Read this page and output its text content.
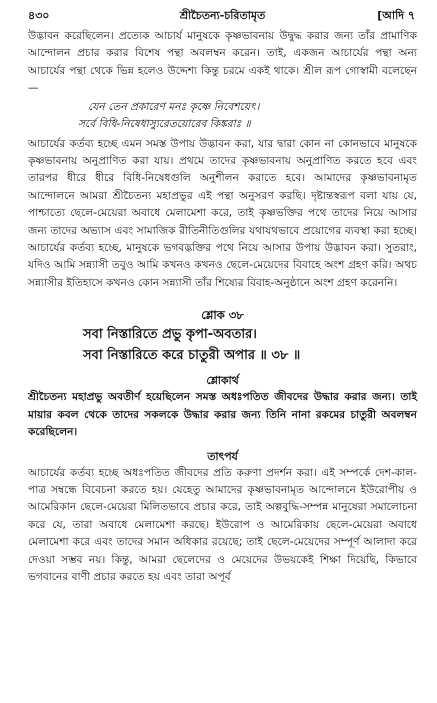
৪৩০	শ্রীচৈতন্য-চরিতামৃত	[আদি ৭

উদ্ভাবন করেছিলেন। প্রত্যেক আচার্য মানুষকে কৃষ্ণভাবনায় উদ্বুদ্ধ করার জন্য তাঁর প্রামাণিক আন্দোলন প্রচার করার বিশেষ পন্থা অবলম্বন করেন। তাই, একজন আচার্যের পন্থা অন্য আচার্যের পন্থা থেকে ভিন্ন হলেও উদ্দেশ্য কিন্তু চরমে একই থাকে। শ্রীল রূপ গোস্বামী বলেছেন—

যেন তেন প্রকারেণ মনঃ কৃষ্ণে নিবেশয়েৎ।
সর্বে বিধি-নিষেধাস্যুরেতয়োরেব কিঙ্করাঃ ॥

আচার্যের কর্তব্য হচ্ছে এমন সমস্ত উপায় উদ্ভাবন করা, যার দ্বারা কোন না কোনভাবে মানুষকে কৃষ্ণভাবনায় অনুপ্রাণিত করা যায়। প্রথমে তাদের কৃষ্ণভাবনায় অনুপ্রাণিত করতে হবে এবং তারপর ধীরে ধীরে বিধি-নিষেধগুলি অনুশীলন করাতে হবে। আমাদের কৃষ্ণভাবনামৃত আন্দোলনে আমরা শ্রীচৈতন্য মহাপ্রভুর এই পন্থা অনুসরণ করছি। দৃষ্টান্তস্বরূপ বলা যায় যে, পাশ্চাত্যে ছেলে-মেয়েরা অবাধে মেলামেশা করে, তাই কৃষ্ণভক্তির পথে তাদের নিয়ে আসার জন্য তাদের অভ্যাস এবং সামাজিক রীতিনীতিগুলির যথাযথভাবে প্রয়োগের ব্যবস্থা করা হচ্ছে। আচার্যের কর্তব্য হচ্ছে, মানুষকে ভগবদ্ভক্তির পথে নিয়ে আসার উপায় উদ্ভাবন করা। সুতরাং, যদিও আমি সন্ন্যাসী তবুও আমি কখনও কখনও ছেলে-মেয়েদের বিবাহে অংশ গ্রহণ করি। অথচ সন্ন্যাসীর ইতিহাসে কখনও কোন সন্ন্যাসী তাঁর শিষ্যের বিবাহ-অনুষ্ঠানে অংশ গ্রহণ করেননি।

শ্লোক ৩৮
সবা নিস্তারিতে প্রভু কৃপা-অবতার।
সবা নিস্তারিতে করে চাতুরী অপার ॥ ৩৮ ॥
শ্লোকার্থ
শ্রীচৈতন্য মহাপ্রভু অবতীর্ণ হয়েছিলেন সমস্ত অধঃপতিত জীবদের উদ্ধার করার জন্য। তাই মায়ার কবল থেকে তাদের সকলকে উদ্ধার করার জন্য তিনি নানা রকমের চাতুরী অবলম্বন করেছিলেন।
তাৎপর্য

আচার্যের কর্তব্য হচ্ছে অধঃপতিত জীবদের প্রতি করুণা প্রদর্শন করা। এই সম্পর্কে দেশ-কাল-পাত্র সম্বন্ধে বিবেচনা করতে হয়। যেহেতু আমাদের কৃষ্ণভাবনামৃত আন্দোলনে ইউরোপীয় ও আমেরিকান ছেলে-মেয়েরা মিলিতভাবে প্রচার করে, তাই অল্পবুদ্ধি-সম্পন্ন মানুষেরা সমালোচনা করে যে, তারা অবাধে মেলামেশা করছে। ইউরোপ ও আমেরিকায় ছেলে-মেয়েরা অবাধে মেলামেশা করে এবং তাদের সমান অধিকার রয়েছে; তাই ছেলে-মেয়েদের সম্পূর্ণ আলাদা করে দেওয়া সম্ভব নয়। কিন্তু, আমরা ছেলেদের ও মেয়েদের উভয়কেই শিক্ষা দিয়েছি, কিভাবে ভগবানের বাণী প্রচার করতে হয় এবং তারা অপূর্ব
